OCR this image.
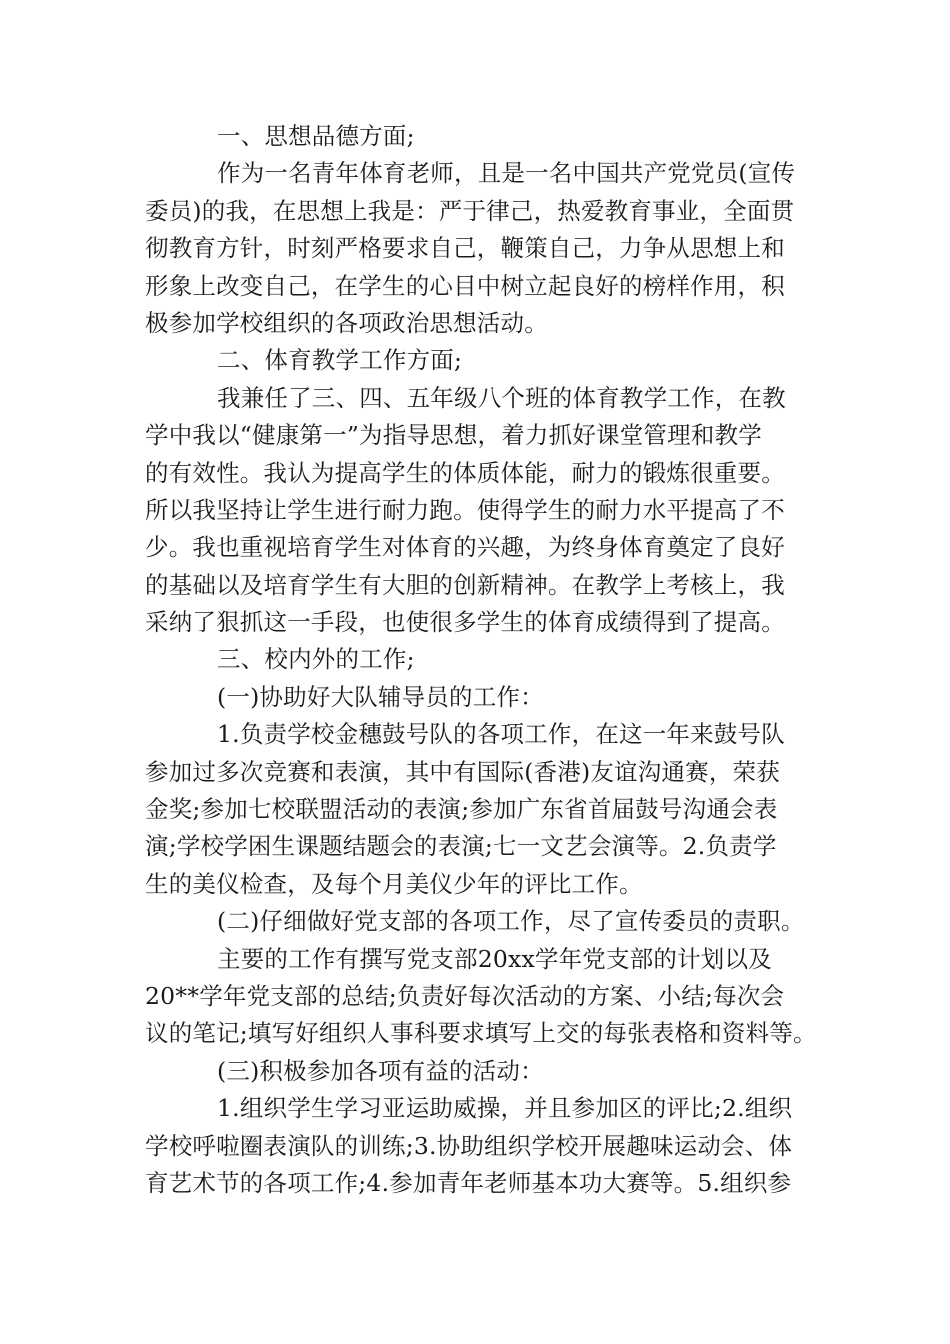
一、思想品德方面;
作为一名青年体育老师，且是一名中国共产党党员(宣传
委员)的我，在思想上我是：严于律己，热爱教育事业，全面贯
彻教育方针，时刻严格要求自己，鞭策自己，力争从思想上和
形象上改变自己，在学生的心目中树立起良好的榜样作用，积
极参加学校组织的各项政治思想活动。
二、体育教学工作方面;
我兼任了三、四、五年级八个班的体育教学工作，在教
学中我以“健康第一”为指导思想，着力抓好课堂管理和教学
的有效性。我认为提高学生的体质体能，耐力的锻炼很重要。
所以我坚持让学生进行耐力跑。使得学生的耐力水平提高了不
少。我也重视培育学生对体育的兴趣，为终身体育奠定了良好
的基础以及培育学生有大胆的创新精神。在教学上考核上，我
采纳了狠抓这一手段，也使很多学生的体育成绩得到了提高。
三、校内外的工作;
(一)协助好大队辅导员的工作：
1.负责学校金穗鼓号队的各项工作，在这一年来鼓号队
参加过多次竞赛和表演，其中有国际(香港)友谊沟通赛，荣获
金奖;参加七校联盟活动的表演;参加广东省首届鼓号沟通会表
演;学校学困生课题结题会的表演;七一文艺会演等。2.负责学
生的美仪检查，及每个月美仪少年的评比工作。
(二)仔细做好党支部的各项工作，尽了宣传委员的责职。
主要的工作有撰写党支部20xx学年党支部的计划以及
20**学年党支部的总结;负责好每次活动的方案、小结;每次会
议的笔记;填写好组织人事科要求填写上交的每张表格和资料等。
(三)积极参加各项有益的活动：
1.组织学生学习亚运助威操，并且参加区的评比;2.组织
学校呼啦圈表演队的训练;3.协助组织学校开展趣味运动会、体
育艺术节的各项工作;4.参加青年老师基本功大赛等。5.组织参
